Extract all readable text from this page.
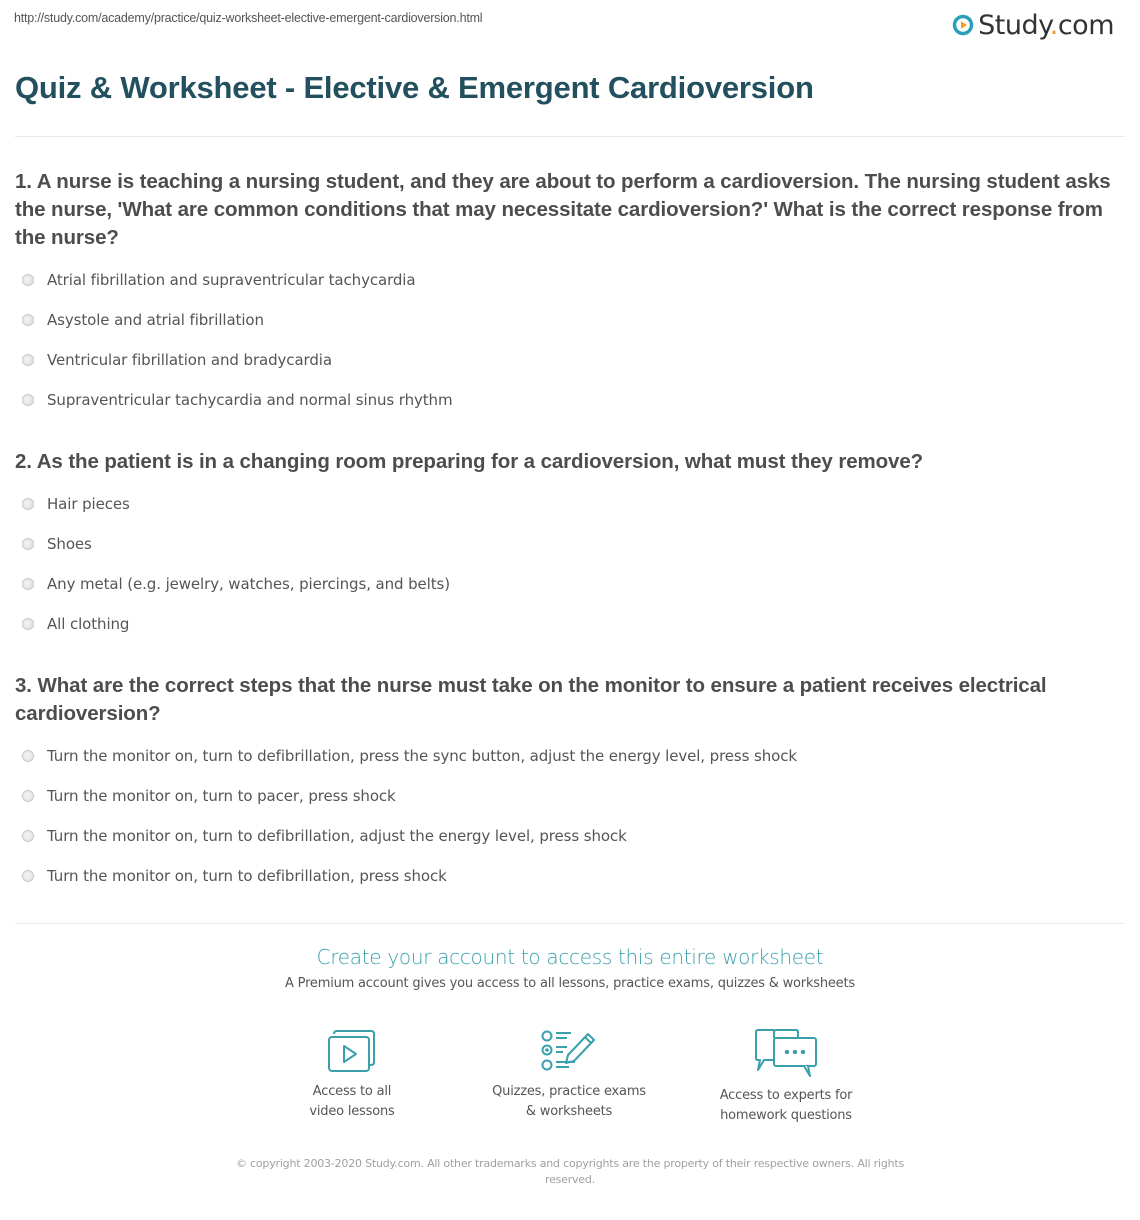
http://study.com/academy/practice/quiz-worksheet-elective-emergent-cardioversion.html	Study.com
Quiz & Worksheet - Elective & Emergent Cardioversion
1. A nurse is teaching a nursing student, and they are about to perform a cardioversion. The nursing student asks the nurse, 'What are common conditions that may necessitate cardioversion?' What is the correct response from the nurse?
Atrial fibrillation and supraventricular tachycardia
Asystole and atrial fibrillation
Ventricular fibrillation and bradycardia
Supraventricular tachycardia and normal sinus rhythm
2. As the patient is in a changing room preparing for a cardioversion, what must they remove?
Hair pieces
Shoes
Any metal (e.g. jewelry, watches, piercings, and belts)
All clothing
3. What are the correct steps that the nurse must take on the monitor to ensure a patient receives electrical cardioversion?
Turn the monitor on, turn to defibrillation, press the sync button, adjust the energy level, press shock
Turn the monitor on, turn to pacer, press shock
Turn the monitor on, turn to defibrillation, adjust the energy level, press shock
Turn the monitor on, turn to defibrillation, press shock
Create your account to access this entire worksheet
A Premium account gives you access to all lessons, practice exams, quizzes & worksheets
Access to all
video lessons
Quizzes, practice exams
& worksheets
Access to experts for
homework questions
© copyright 2003-2020 Study.com. All other trademarks and copyrights are the property of their respective owners. All rights
reserved.
